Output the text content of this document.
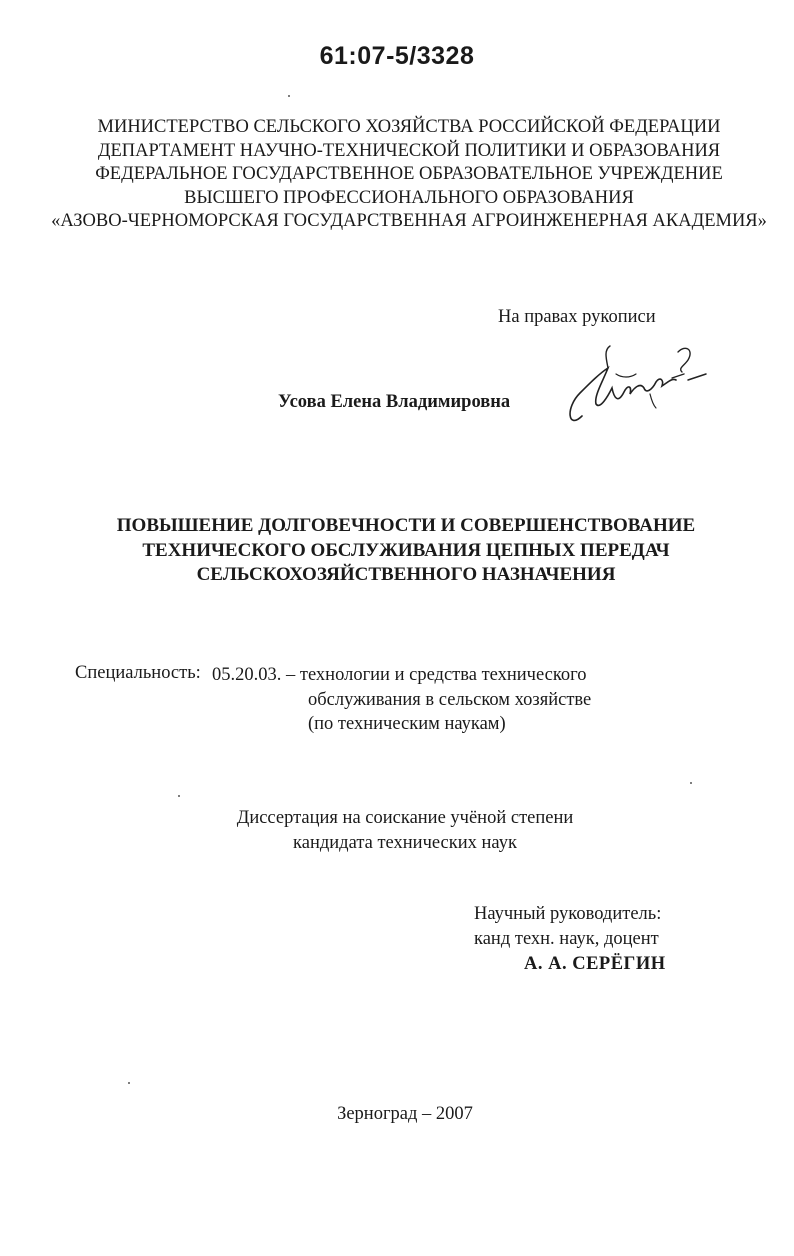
61:07-5/3328
МИНИСТЕРСТВО СЕЛЬСКОГО ХОЗЯЙСТВА РОССИЙСКОЙ ФЕДЕРАЦИИ
ДЕПАРТАМЕНТ НАУЧНО-ТЕХНИЧЕСКОЙ ПОЛИТИКИ И ОБРАЗОВАНИЯ
ФЕДЕРАЛЬНОЕ ГОСУДАРСТВЕННОЕ ОБРАЗОВАТЕЛЬНОЕ УЧРЕЖДЕНИЕ
ВЫСШЕГО ПРОФЕССИОНАЛЬНОГО ОБРАЗОВАНИЯ
«АЗОВО-ЧЕРНОМОРСКАЯ ГОСУДАРСТВЕННАЯ АГРОИНЖЕНЕРНАЯ АКАДЕМИЯ»
На правах рукописи
Усова Елена Владимировна
ПОВЫШЕНИЕ ДОЛГОВЕЧНОСТИ И СОВЕРШЕНСТВОВАНИЕ
ТЕХНИЧЕСКОГО ОБСЛУЖИВАНИЯ ЦЕПНЫХ ПЕРЕДАЧ
СЕЛЬСКОХОЗЯЙСТВЕННОГО НАЗНАЧЕНИЯ
Специальность: 05.20.03. – технологии и средства технического
обслуживания в сельском хозяйстве
(по техническим наукам)
Диссертация на соискание учёной степени
кандидата технических наук
Научный руководитель:
канд техн. наук, доцент
А. А. СЕРЁГИН
Зерноград – 2007
